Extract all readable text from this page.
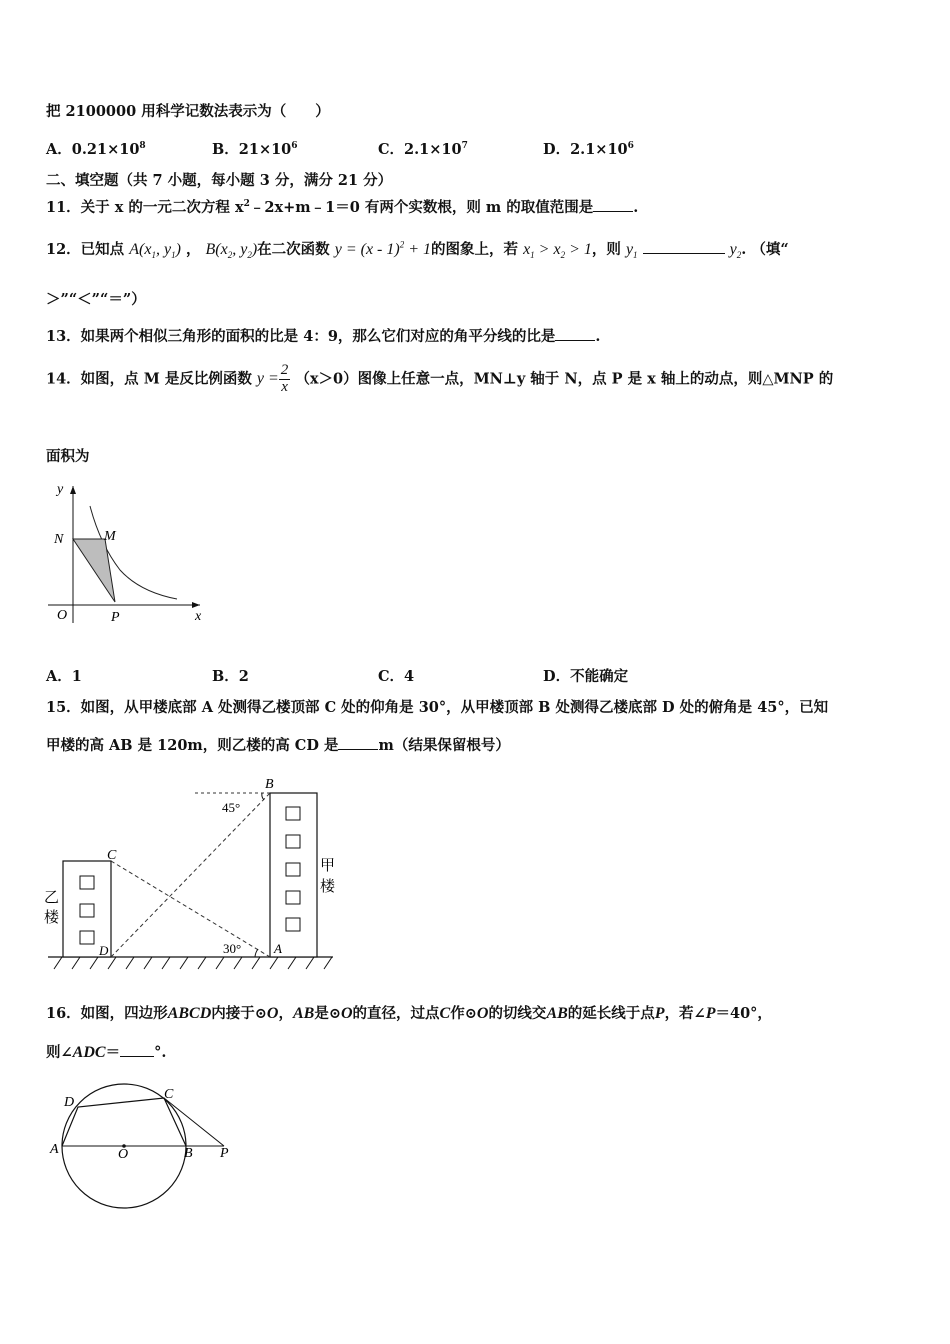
把 2100000 用科学记数法表示为（　　）
A．$0.21\times 10^8$	B．$21\times 10^6$	C．$2.1\times 10^7$	D．$2.1\times 10^6$
二、填空题（共 7 小题，每小题 3 分，满分 21 分）
11．关于 x 的一元二次方程 $x^2﹣2x+m﹣1=0$ 有两个实数根，则 m 的取值范围是	.
12．已知点 $A(x_1$, $y_1$) ， $B(x_2$, $y_2$)在二次函数 y = (x - 1)$^2$ + 1的图象上，若 $x_1 > x_2 > 1$，则 $y_1$	$y_2$. （填“
＞”“＜”“＝”）
13．如果两个相似三角形的面积的比是 4：9，那么它们对应的角平分线的比是	.
14．如图，点 M 是反比例函数 $y = \frac{2}{x} (x>0)$图像上任意一点，MN⊥y 轴于 N，点 P 是 x 轴上的动点，则△MNP 的
面积为
y
x
N	M
O	P
A．1	B．2	C．4	D．不能确定
15．如图，从甲楼底部 A 处测得乙楼顶部 C 处的仰角是 30°，从甲楼顶部 B 处测得乙楼底部 D 处的俯角是 45°，已知
甲楼的高 AB 是 120m，则乙楼的高 CD 是	m（结果保留根号）
B
C
D	A
45°
30°
甲
楼
乙
楼
16．如图，四边形ABCD内接于⊙O，AB是⊙O的直径，过点C作⊙O的切线交AB的延长线于点P，若∠P＝40°，
则∠ADC＝ °.
D
C
A	O	B P
